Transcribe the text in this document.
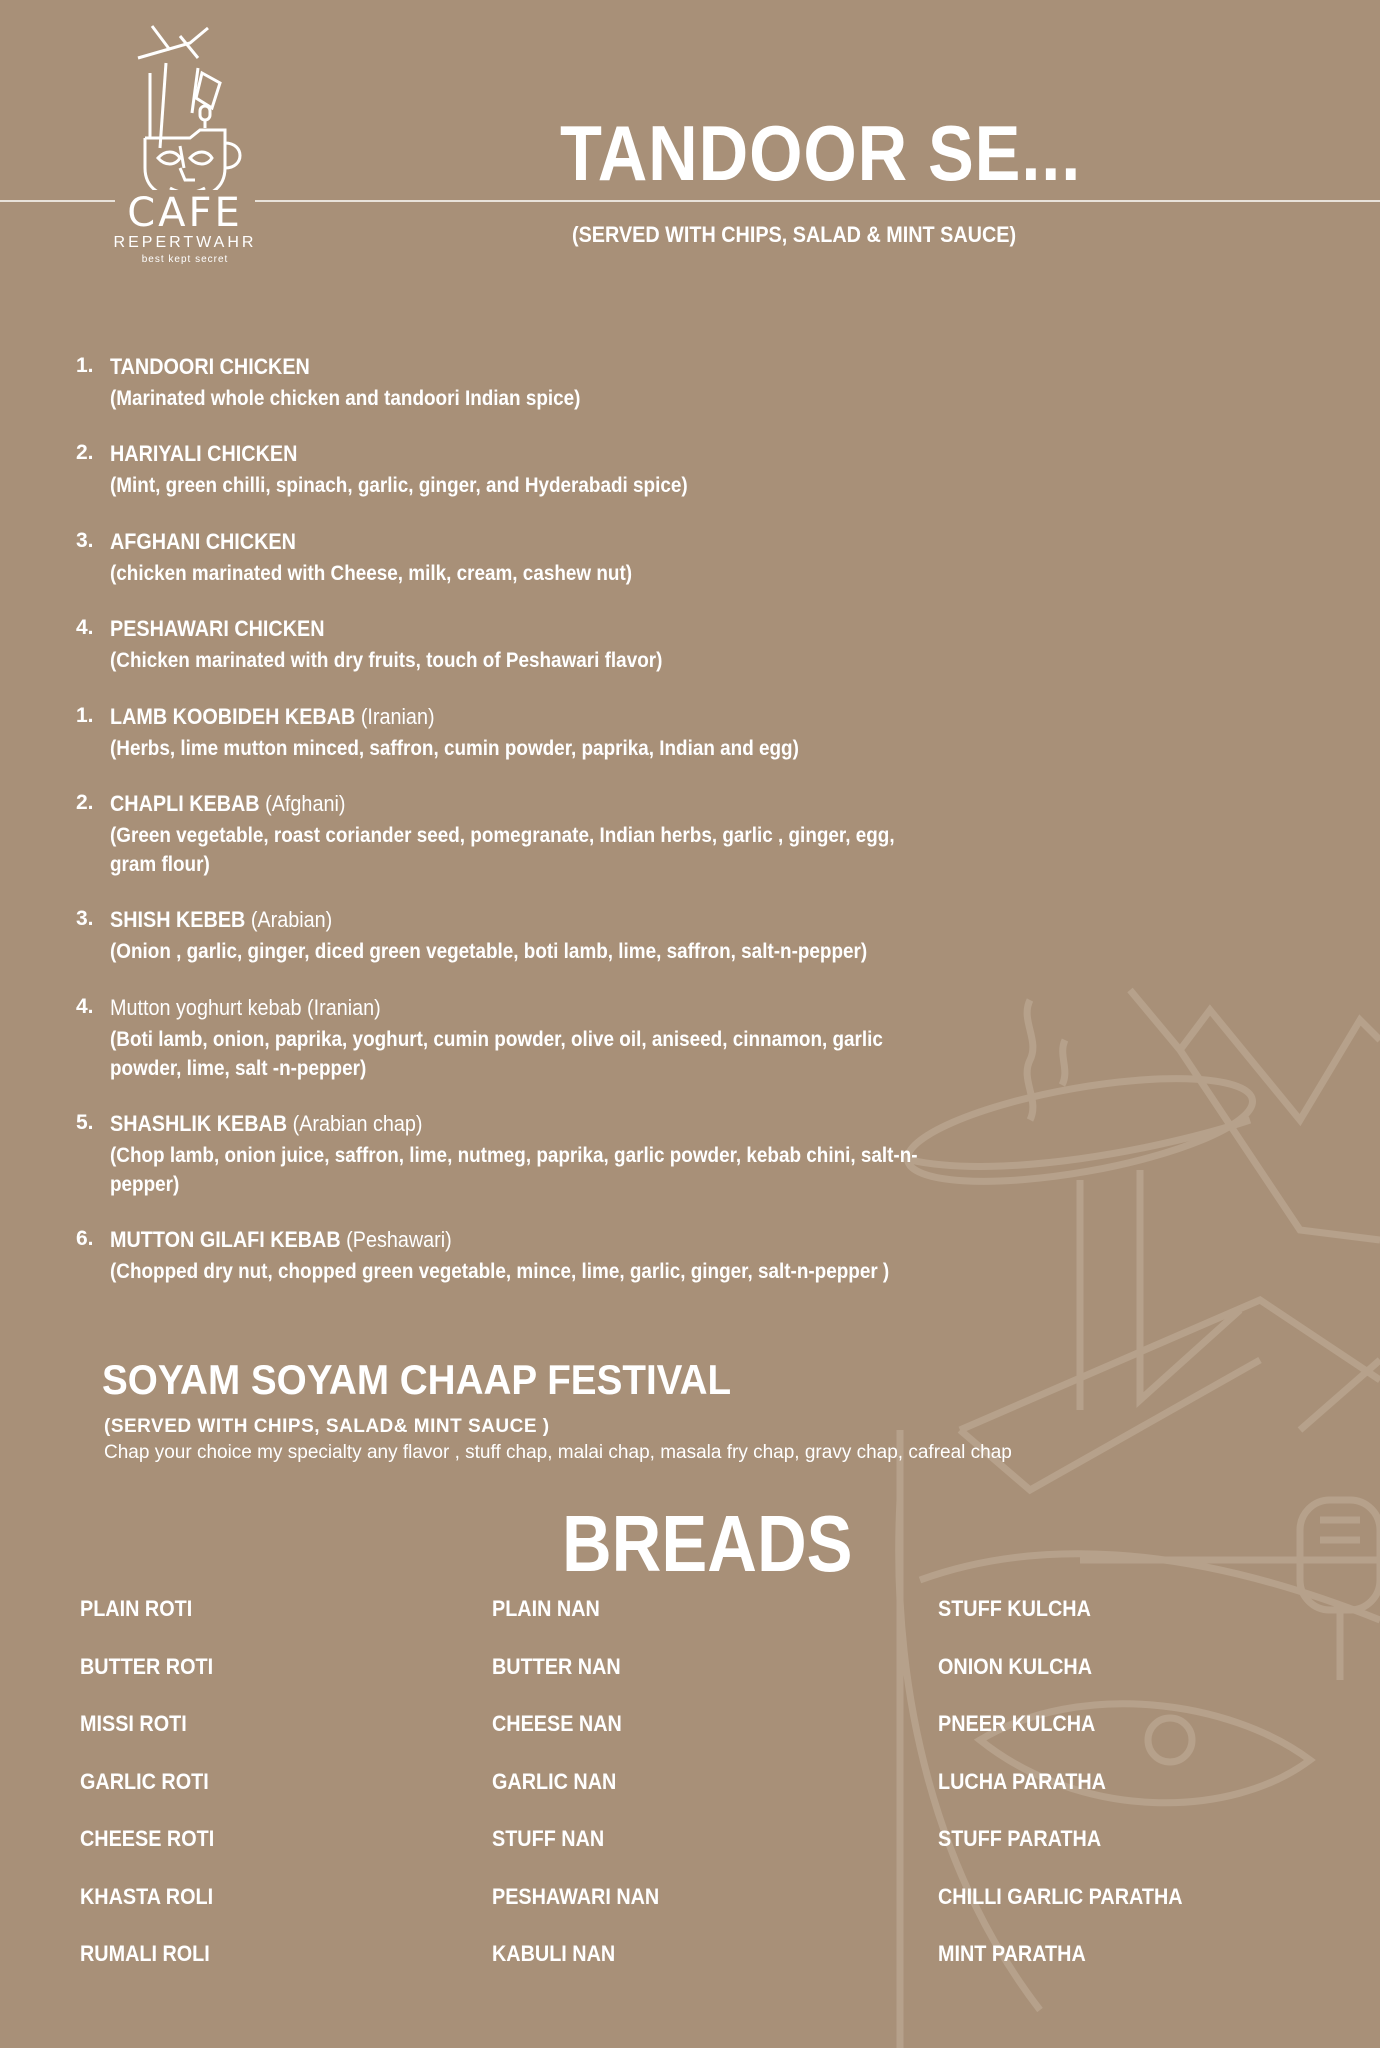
CAFE
REPERTWAHR
best kept secret
TANDOOR SE...
(SERVED WITH CHIPS, SALAD & MINT SAUCE)
1. TANDOORI CHICKEN
(Marinated whole chicken and tandoori Indian spice)
2. HARIYALI CHICKEN
(Mint, green chilli, spinach, garlic, ginger, and Hyderabadi spice)
3. AFGHANI CHICKEN
(chicken marinated with Cheese, milk, cream, cashew nut)
4. PESHAWARI CHICKEN
(Chicken marinated with dry fruits, touch of Peshawari flavor)
1. LAMB KOOBIDEH KEBAB (Iranian)
(Herbs, lime mutton minced, saffron, cumin powder, paprika, Indian and egg)
2. CHAPLI KEBAB (Afghani)
(Green vegetable, roast coriander seed, pomegranate, Indian herbs, garlic , ginger, egg, gram flour)
3. SHISH KEBEB (Arabian)
(Onion , garlic, ginger, diced green vegetable, boti lamb, lime, saffron, salt-n-pepper)
4. Mutton yoghurt kebab (Iranian)
(Boti lamb, onion, paprika, yoghurt, cumin powder, olive oil, aniseed, cinnamon, garlic powder, lime, salt -n-pepper)
5. SHASHLIK KEBAB (Arabian chap)
(Chop lamb, onion juice, saffron, lime, nutmeg, paprika, garlic powder, kebab chini, salt-n-pepper)
6. MUTTON GILAFI KEBAB (Peshawari)
(Chopped dry nut, chopped green vegetable, mince, lime, garlic, ginger, salt-n-pepper )
SOYAM SOYAM CHAAP FESTIVAL
(SERVED WITH CHIPS, SALAD& MINT SAUCE )
Chap your choice my specialty any flavor , stuff chap, malai chap, masala fry chap, gravy chap, cafreal chap
BREADS
PLAIN ROTI
BUTTER ROTI
MISSI ROTI
GARLIC ROTI
CHEESE ROTI
KHASTA ROLI
RUMALI ROLI
PLAIN NAN
BUTTER NAN
CHEESE NAN
GARLIC NAN
STUFF NAN
PESHAWARI NAN
KABULI NAN
STUFF KULCHA
ONION KULCHA
PNEER KULCHA
LUCHA PARATHA
STUFF PARATHA
CHILLI GARLIC PARATHA
MINT PARATHA
